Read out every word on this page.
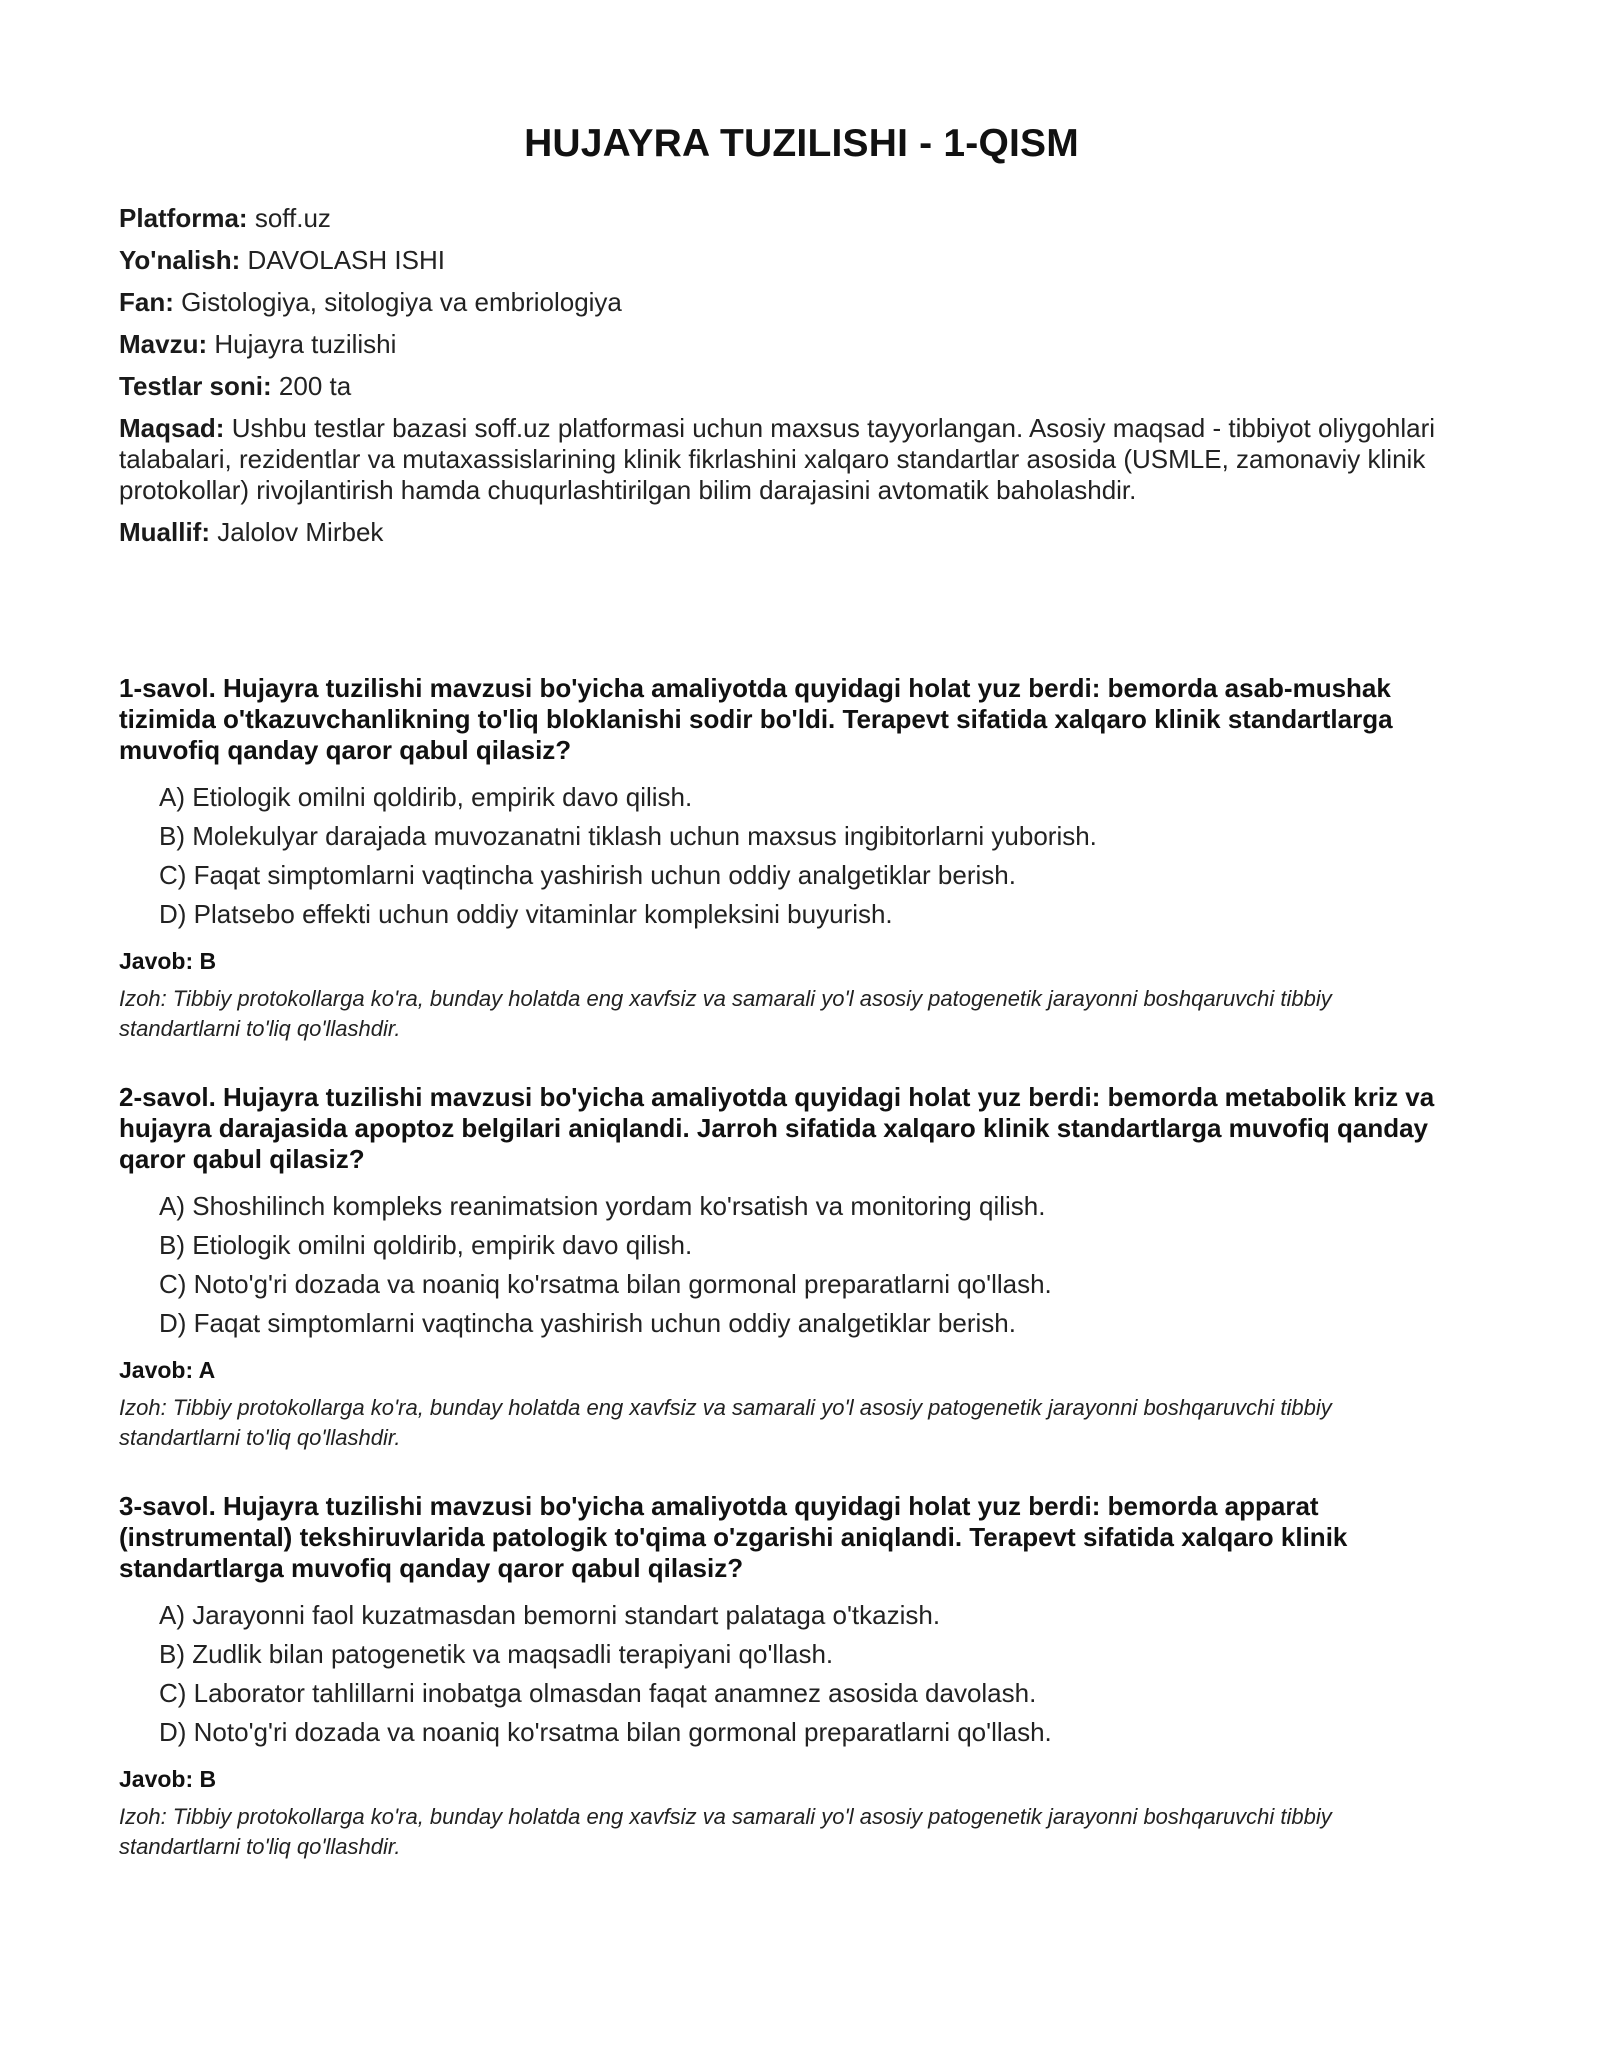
HUJAYRA TUZILISHI - 1-QISM
Platforma: soff.uz
Yo'nalish: DAVOLASH ISHI
Fan: Gistologiya, sitologiya va embriologiya
Mavzu: Hujayra tuzilishi
Testlar soni: 200 ta
Maqsad: Ushbu testlar bazasi soff.uz platformasi uchun maxsus tayyorlangan. Asosiy maqsad - tibbiyot oliygohlari talabalari, rezidentlar va mutaxassislarining klinik fikrlashini xalqaro standartlar asosida (USMLE, zamonaviy klinik protokollar) rivojlantirish hamda chuqurlashtirilgan bilim darajasini avtomatik baholashdir.
Muallif: Jalolov Mirbek
1-savol. Hujayra tuzilishi mavzusi bo'yicha amaliyotda quyidagi holat yuz berdi: bemorda asab-mushak tizimida o'tkazuvchanlikning to'liq bloklanishi sodir bo'ldi. Terapevt sifatida xalqaro klinik standartlarga muvofiq qanday qaror qabul qilasiz?
A) Etiologik omilni qoldirib, empirik davo qilish.
B) Molekulyar darajada muvozanatni tiklash uchun maxsus ingibitorlarni yuborish.
C) Faqat simptomlarni vaqtincha yashirish uchun oddiy analgetiklar berish.
D) Platsebo effekti uchun oddiy vitaminlar kompleksini buyurish.
Javob: B
Izoh: Tibbiy protokollarga ko'ra, bunday holatda eng xavfsiz va samarali yo'l asosiy patogenetik jarayonni boshqaruvchi tibbiy standartlarni to'liq qo'llashdir.
2-savol. Hujayra tuzilishi mavzusi bo'yicha amaliyotda quyidagi holat yuz berdi: bemorda metabolik kriz va hujayra darajasida apoptoz belgilari aniqlandi. Jarroh sifatida xalqaro klinik standartlarga muvofiq qanday qaror qabul qilasiz?
A) Shoshilinch kompleks reanimatsion yordam ko'rsatish va monitoring qilish.
B) Etiologik omilni qoldirib, empirik davo qilish.
C) Noto'g'ri dozada va noaniq ko'rsatma bilan gormonal preparatlarni qo'llash.
D) Faqat simptomlarni vaqtincha yashirish uchun oddiy analgetiklar berish.
Javob: A
Izoh: Tibbiy protokollarga ko'ra, bunday holatda eng xavfsiz va samarali yo'l asosiy patogenetik jarayonni boshqaruvchi tibbiy standartlarni to'liq qo'llashdir.
3-savol. Hujayra tuzilishi mavzusi bo'yicha amaliyotda quyidagi holat yuz berdi: bemorda apparat (instrumental) tekshiruvlarida patologik to'qima o'zgarishi aniqlandi. Terapevt sifatida xalqaro klinik standartlarga muvofiq qanday qaror qabul qilasiz?
A) Jarayonni faol kuzatmasdan bemorni standart palataga o'tkazish.
B) Zudlik bilan patogenetik va maqsadli terapiyani qo'llash.
C) Laborator tahlillarni inobatga olmasdan faqat anamnez asosida davolash.
D) Noto'g'ri dozada va noaniq ko'rsatma bilan gormonal preparatlarni qo'llash.
Javob: B
Izoh: Tibbiy protokollarga ko'ra, bunday holatda eng xavfsiz va samarali yo'l asosiy patogenetik jarayonni boshqaruvchi tibbiy standartlarni to'liq qo'llashdir.
